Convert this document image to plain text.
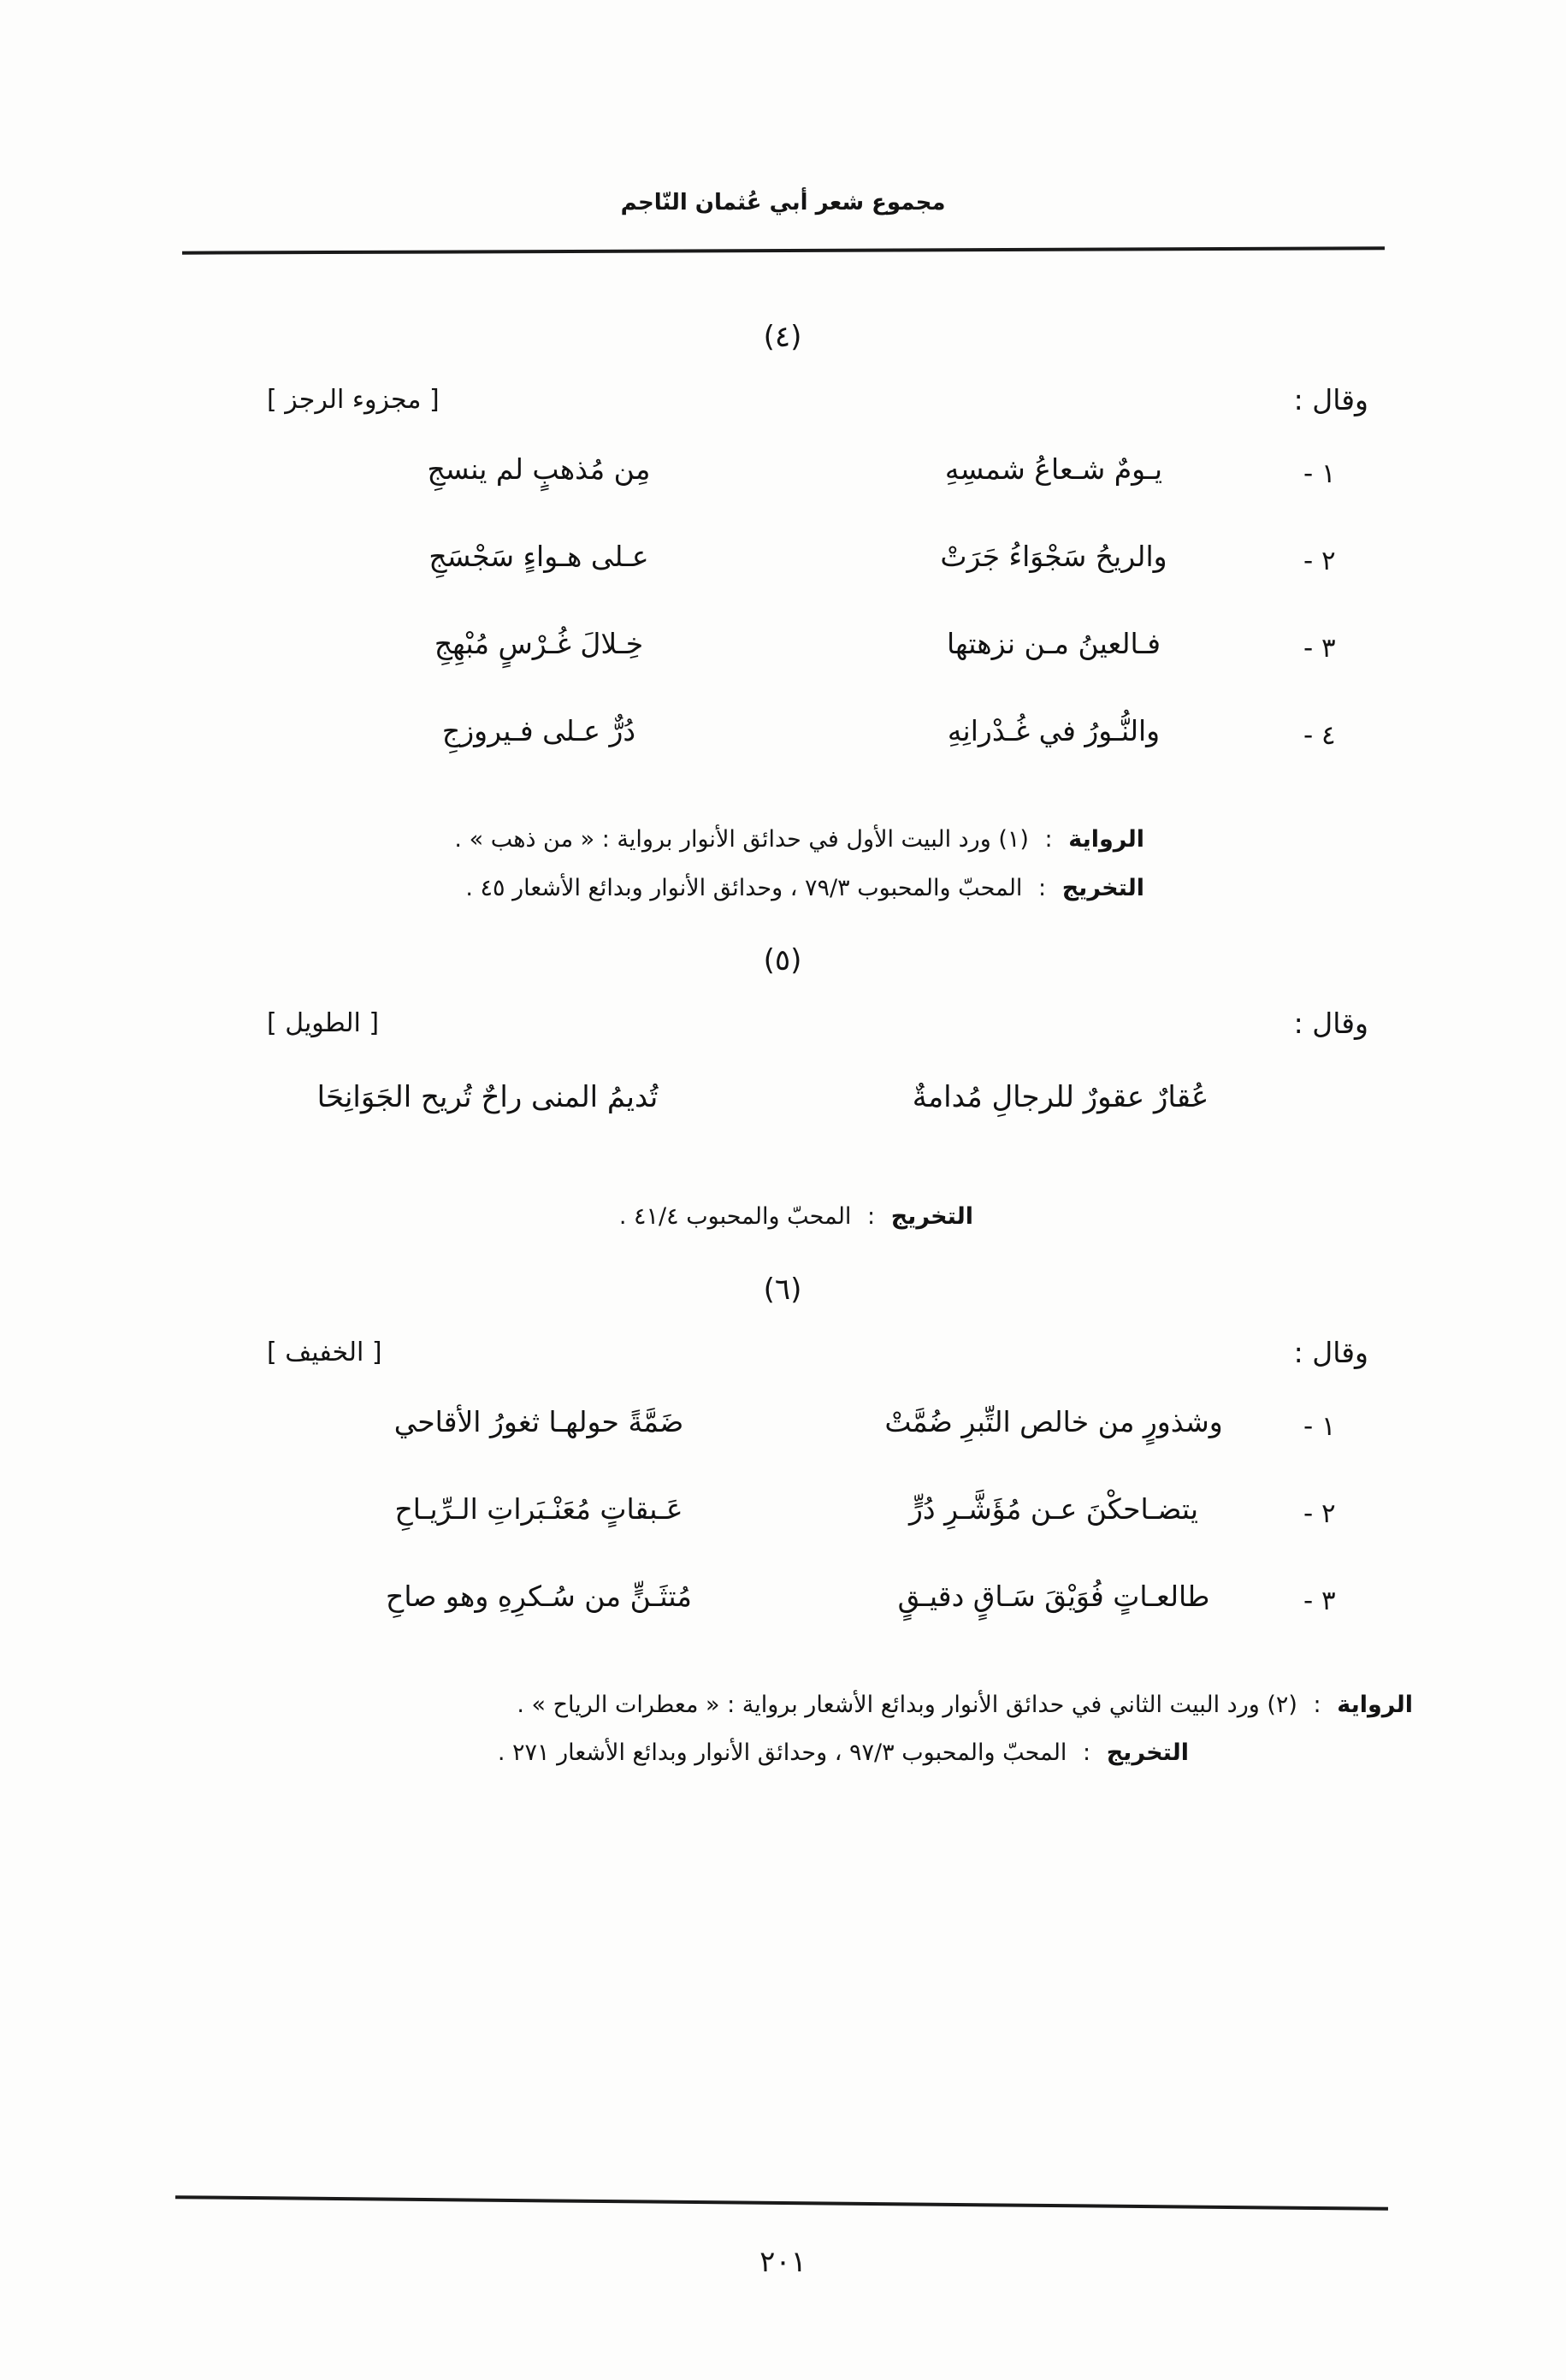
مجموع شعر أبي عُثمان النّاجم
(٤)
وقال :
[ مجزوء الرجز ]
١ -
يـومٌ شـعاعُ شمسِهِ
مِن مُذهبٍ لم ينسجِ
٢ -
والريحُ سَجْوَاءُ جَرَتْ
عـلى هـواءٍ سَجْسَجِ
٣ -
فـالعينُ مـن نزهتها
خِـلالَ غُـرْسٍ مُبْهِجِ
٤ -
والنُّـورُ في غُـدْرانِهِ
دُرٌّ عـلى فـيروزجِ
الرواية : (١) ورد البيت الأول في حدائق الأنوار برواية : « من ذهب » .
التخريج : المحبّ والمحبوب ٧٩/٣ ، وحدائق الأنوار وبدائع الأشعار ٤٥ .
(٥)
وقال :
[ الطويل ]
عُقارٌ عقورٌ للرجالِ مُدامةٌ
تُديمُ المنى راحٌ تُريح الجَوَانِحَا
التخريج : المحبّ والمحبوب ٤١/٤ .
(٦)
وقال :
[ الخفيف ]
١ -
وشذورٍ من خالص التِّبرِ ضُمَّتْ
ضَمَّةً حولهـا ثغورُ الأقاحي
٢ -
يتضـاحكْنَ عـن مُؤَشَّـرِ دُرٍّ
عَـبقاتٍ مُعَنْـبَراتِ الـرِّيـاحِ
٣ -
طالعـاتٍ فُوَيْقَ سَـاقٍ دقيـقٍ
مُتثَـنٍّ من سُـكرِهِ وهو صاحِ
الرواية : (٢) ورد البيت الثاني في حدائق الأنوار وبدائع الأشعار برواية : « معطرات الرياح » .
التخريج : المحبّ والمحبوب ٩٧/٣ ، وحدائق الأنوار وبدائع الأشعار ٢٧١ .
٢٠١
